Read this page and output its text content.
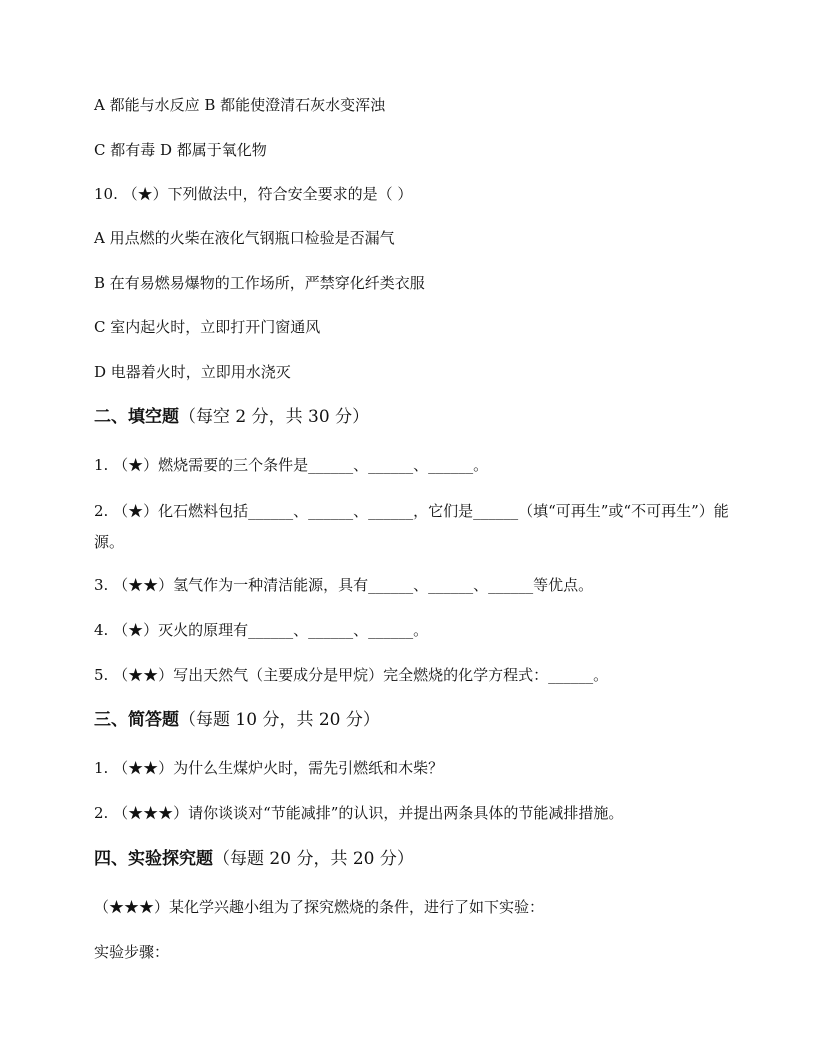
A 都能与水反应 B 都能使澄清石灰水变浑浊
C 都有毒 D 都属于氧化物
10. （★）下列做法中，符合安全要求的是（ ）
A 用点燃的火柴在液化气钢瓶口检验是否漏气
B 在有易燃易爆物的工作场所，严禁穿化纤类衣服
C 室内起火时，立即打开门窗通风
D 电器着火时，立即用水浇灭
二、填空题（每空 2 分，共 30 分）
1. （★）燃烧需要的三个条件是______、______、______。
2. （★）化石燃料包括______、______、______，它们是______（填“可再生”或“不可再生”）能源。
3. （★★）氢气作为一种清洁能源，具有______、______、______等优点。
4. （★）灭火的原理有______、______、______。
5. （★★）写出天然气（主要成分是甲烷）完全燃烧的化学方程式：______。
三、简答题（每题 10 分，共 20 分）
1. （★★）为什么生煤炉火时，需先引燃纸和木柴？
2. （★★★）请你谈谈对“节能减排”的认识，并提出两条具体的节能减排措施。
四、实验探究题（每题 20 分，共 20 分）
（★★★）某化学兴趣小组为了探究燃烧的条件，进行了如下实验：
实验步骤：
